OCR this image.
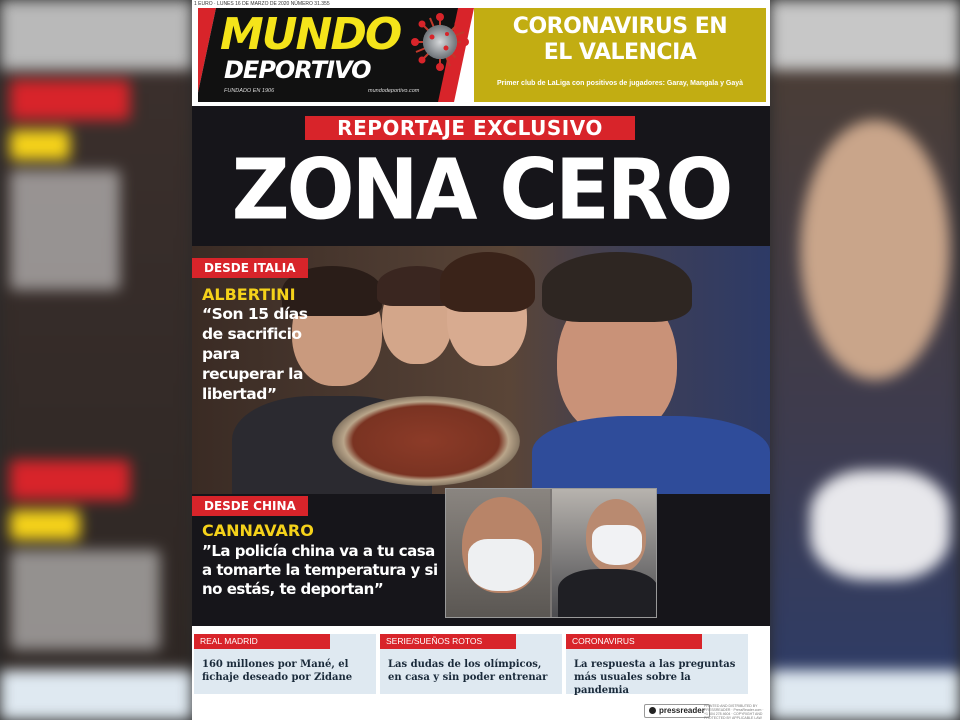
1 EURO · LUNES 16 DE MARZO DE 2020 NÚMERO 31.355
MUNDO
DEPORTIVO
FUNDADO EN 1906	mundodeportivo.com
CORONAVIRUS EN
EL VALENCIA
Primer club de LaLiga con positivos de jugadores: Garay, Mangala y Gayà
REPORTAJE EXCLUSIVO
ZONA CERO
DESDE ITALIA
ALBERTINI
“Son 15 días de sacrificio para recuperar la libertad”
DESDE CHINA
CANNAVARO
”La policía china va a tu casa a tomarte la temperatura y si no estás, te deportan”
REAL MADRID
160 millones por Mané, el fichaje deseado por Zidane
SERIE/SUEÑOS ROTOS
Las dudas de los olímpicos, en casa y sin poder entrenar
CORONAVIRUS
La respuesta a las preguntas más usuales sobre la pandemia
pressreader PRINTED AND DISTRIBUTED BY PRESSREADER · PressReader.com · +1 604 278 4604 · COPYRIGHT AND PROTECTED BY APPLICABLE LAW
